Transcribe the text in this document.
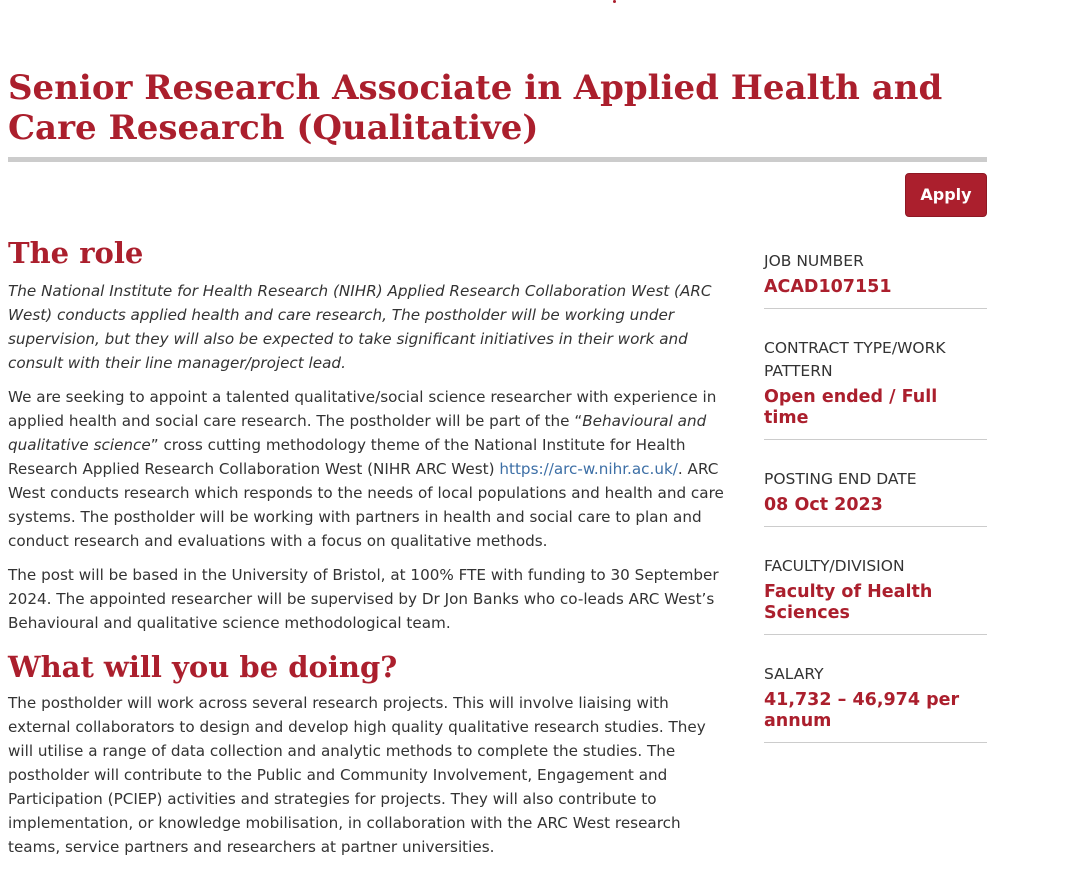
Senior Research Associate in Applied Health and Care Research (Qualitative)
Apply
The role

The National Institute for Health Research (NIHR) Applied Research Collaboration West (ARC West) conducts applied health and care research, The postholder will be working under supervision, but they will also be expected to take significant initiatives in their work and consult with their line manager/project lead.

We are seeking to appoint a talented qualitative/social science researcher with experience in applied health and social care research. The postholder will be part of the “Behavioural and qualitative science” cross cutting methodology theme of the National Institute for Health Research Applied Research Collaboration West (NIHR ARC West) https://arc-w.nihr.ac.uk/. ARC West conducts research which responds to the needs of local populations and health and care systems. The postholder will be working with partners in health and social care to plan and conduct research and evaluations with a focus on qualitative methods.

The post will be based in the University of Bristol, at 100% FTE with funding to 30 September 2024. The appointed researcher will be supervised by Dr Jon Banks who co-leads ARC West’s Behavioural and qualitative science methodological team.

What will you be doing?

The postholder will work across several research projects. This will involve liaising with external collaborators to design and develop high quality qualitative research studies. They will utilise a range of data collection and analytic methods to complete the studies. The postholder will contribute to the Public and Community Involvement, Engagement and Participation (PCIEP) activities and strategies for projects. They will also contribute to implementation, or knowledge mobilisation, in collaboration with the ARC West research teams, service partners and researchers at partner universities.

JOB NUMBER

ACAD107151

CONTRACT TYPE/WORK PATTERN

Open ended / Full time

POSTING END DATE

08 Oct 2023

FACULTY/DIVISION

Faculty of Health Sciences

SALARY

41,732 – 46,974 per annum
